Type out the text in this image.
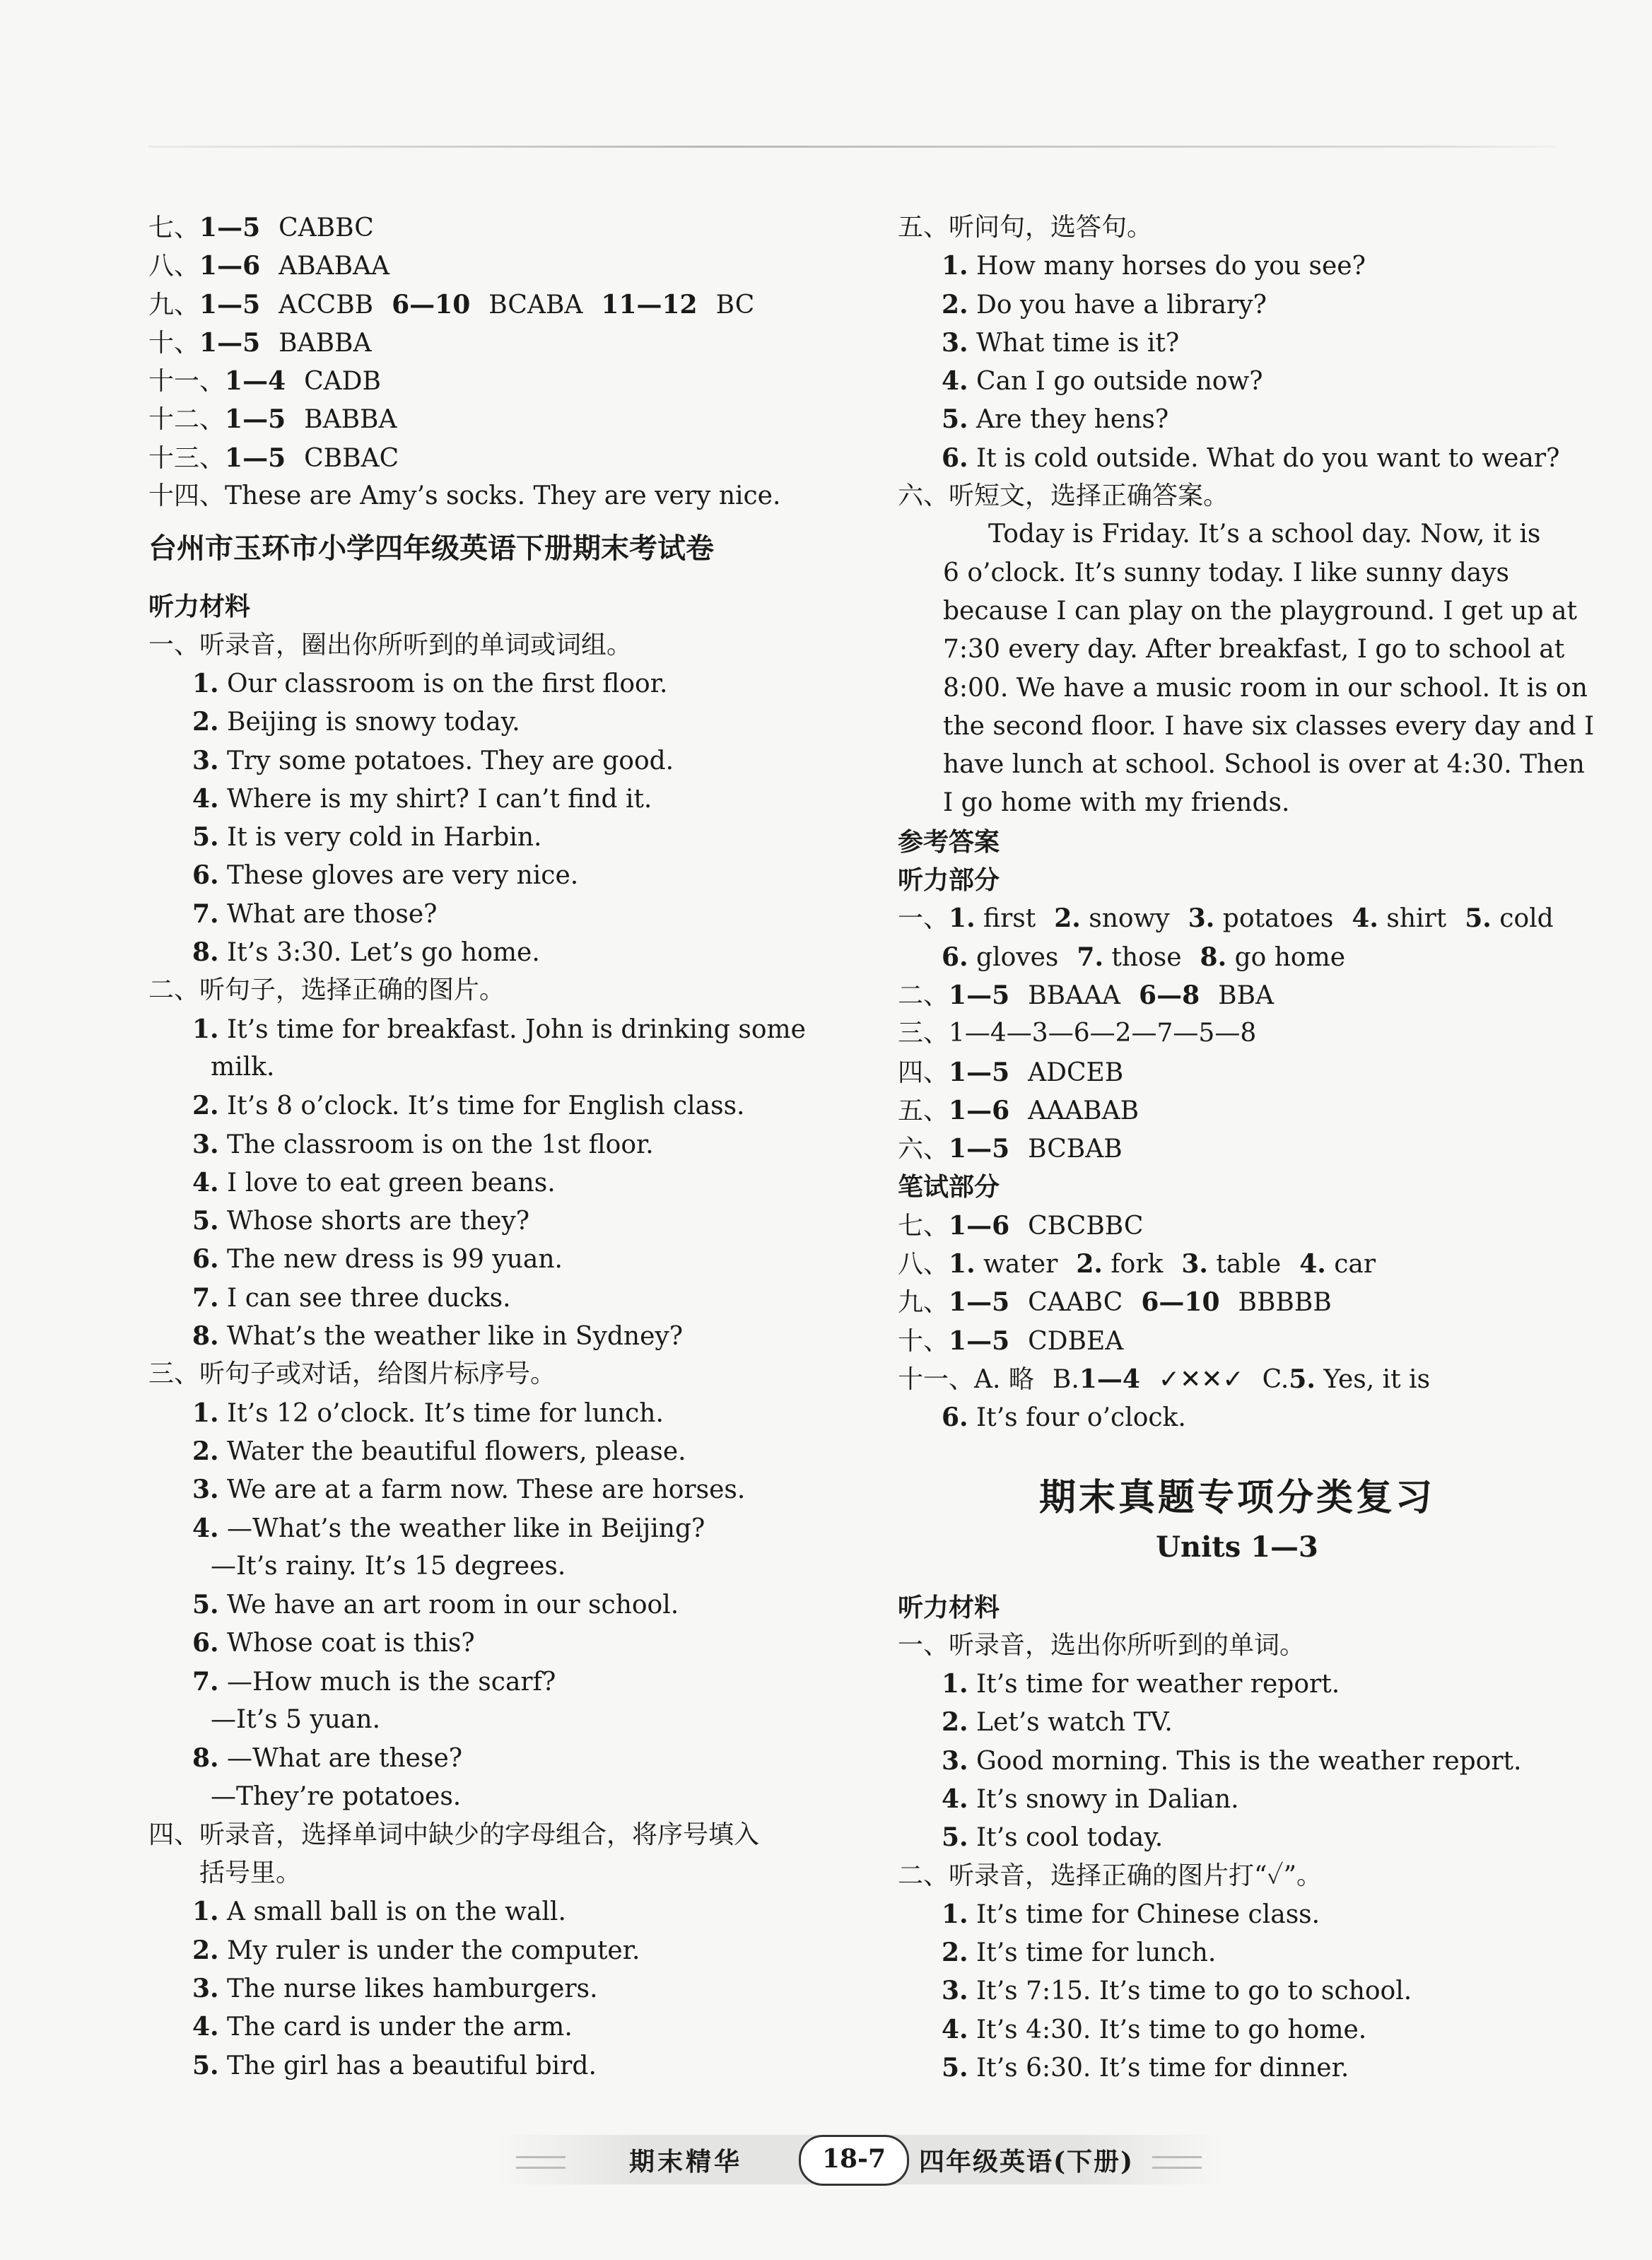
七、1—5 CABBC
八、1—6 ABABAA
九、1—5 ACCBB 6—10 BCABA 11—12 BC
十、1—5 BABBA
十一、1—4 CADB
十二、1—5 BABBA
十三、1—5 CBBAC
十四、These are Amy’s socks. They are very nice.
台州市玉环市小学四年级英语下册期末考试卷
听力材料
一、听录音，圈出你所听到的单词或词组。
1. Our classroom is on the first floor.
2. Beijing is snowy today.
3. Try some potatoes. They are good.
4. Where is my shirt? I can’t find it.
5. It is very cold in Harbin.
6. These gloves are very nice.
7. What are those?
8. It’s 3:30. Let’s go home.
二、听句子，选择正确的图片。
1. It’s time for breakfast. John is drinking some
milk.
2. It’s 8 o’clock. It’s time for English class.
3. The classroom is on the 1st floor.
4. I love to eat green beans.
5. Whose shorts are they?
6. The new dress is 99 yuan.
7. I can see three ducks.
8. What’s the weather like in Sydney?
三、听句子或对话，给图片标序号。
1. It’s 12 o’clock. It’s time for lunch.
2. Water the beautiful flowers, please.
3. We are at a farm now. These are horses.
4. —What’s the weather like in Beijing?
—It’s rainy. It’s 15 degrees.
5. We have an art room in our school.
6. Whose coat is this?
7. —How much is the scarf?
—It’s 5 yuan.
8. —What are these?
—They’re potatoes.
四、听录音，选择单词中缺少的字母组合，将序号填入
括号里。
1. A small ball is on the wall.
2. My ruler is under the computer.
3. The nurse likes hamburgers.
4. The card is under the arm.
5. The girl has a beautiful bird.
五、听问句，选答句。
1. How many horses do you see?
2. Do you have a library?
3. What time is it?
4. Can I go outside now?
5. Are they hens?
6. It is cold outside. What do you want to wear?
六、听短文，选择正确答案。
Today is Friday. It’s a school day. Now, it is
6 o’clock. It’s sunny today. I like sunny days
because I can play on the playground. I get up at
7:30 every day. After breakfast, I go to school at
8:00. We have a music room in our school. It is on
the second floor. I have six classes every day and I
have lunch at school. School is over at 4:30. Then
I go home with my friends.
参考答案
听力部分
一、1. first 2. snowy 3. potatoes 4. shirt 5. cold
6. gloves 7. those 8. go home
二、1—5 BBAAA 6—8 BBA
三、1—4—3—6—2—7—5—8
四、1—5 ADCEB
五、1—6 AAABAB
六、1—5 BCBAB
笔试部分
七、1—6 CBCBBC
八、1. water 2. fork 3. table 4. car
九、1—5 CAABC 6—10 BBBBB
十、1—5 CDBEA
十一、A. 略 B.1—4 ✓✕✕✓ C.5. Yes, it is
6. It’s four o’clock.
期末真题专项分类复习
Units 1—3
听力材料
一、听录音，选出你所听到的单词。
1. It’s time for weather report.
2. Let’s watch TV.
3. Good morning. This is the weather report.
4. It’s snowy in Dalian.
5. It’s cool today.
二、听录音，选择正确的图片打“✓”。
1. It’s time for Chinese class.
2. It’s time for lunch.
3. It’s 7:15. It’s time to go to school.
4. It’s 4:30. It’s time to go home.
5. It’s 6:30. It’s time for dinner.
期末精华	18-7	四年级英语(下册)
